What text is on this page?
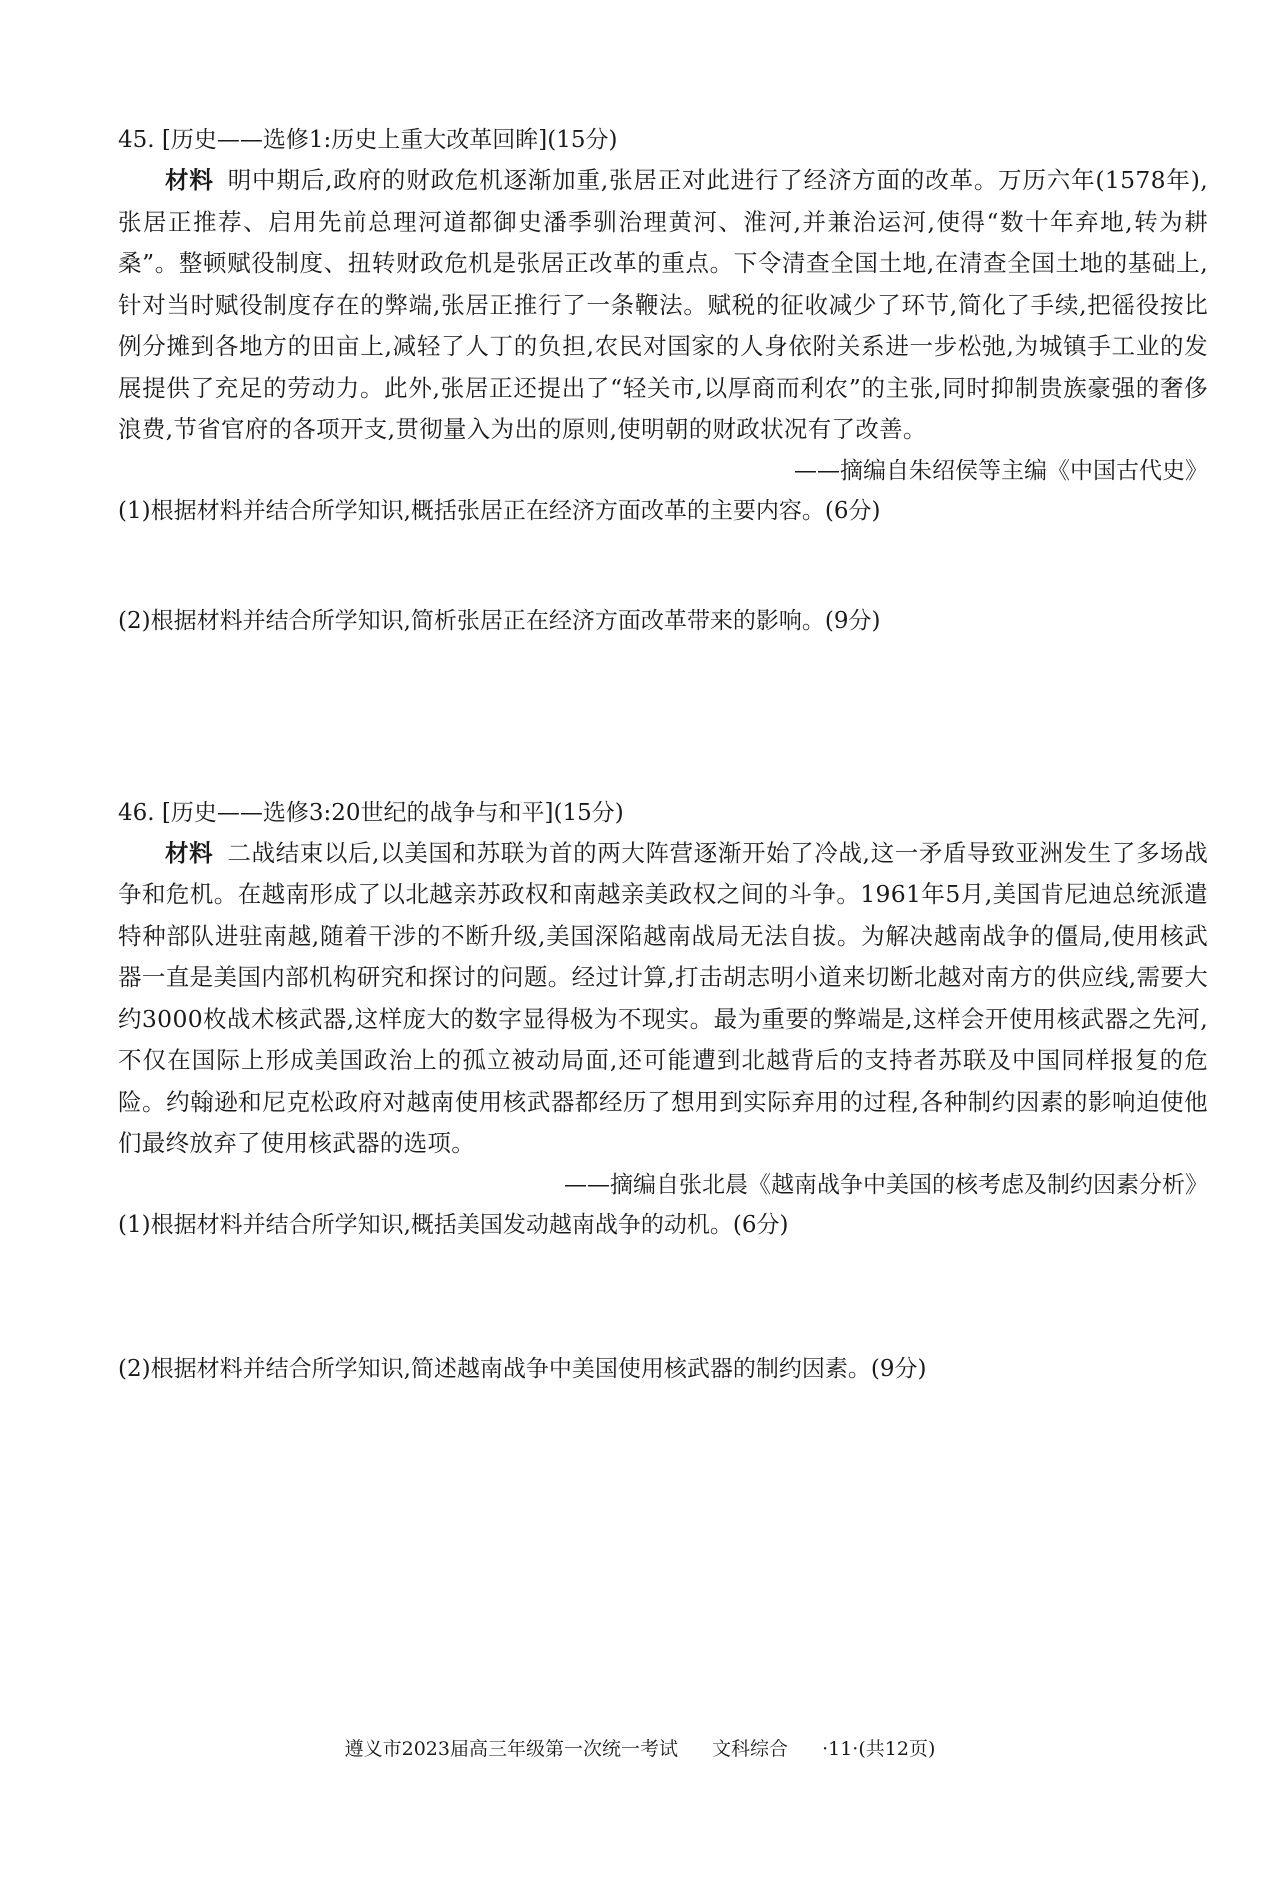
45. [历史——选修1:历史上重大改革回眸](15分)

材料 明中期后,政府的财政危机逐渐加重,张居正对此进行了经济方面的改革。万历六年(1578年),张居正推荐、启用先前总理河道都御史潘季驯治理黄河、淮河,并兼治运河,使得“数十年弃地,转为耕桑”。整顿赋役制度、扭转财政危机是张居正改革的重点。下令清查全国土地,在清查全国土地的基础上,针对当时赋役制度存在的弊端,张居正推行了一条鞭法。赋税的征收减少了环节,简化了手续,把徭役按比例分摊到各地方的田亩上,减轻了人丁的负担,农民对国家的人身依附关系进一步松弛,为城镇手工业的发展提供了充足的劳动力。此外,张居正还提出了“轻关市,以厚商而利农”的主张,同时抑制贵族豪强的奢侈浪费,节省官府的各项开支,贯彻量入为出的原则,使明朝的财政状况有了改善。

——摘编自朱绍侯等主编《中国古代史》

(1)根据材料并结合所学知识,概括张居正在经济方面改革的主要内容。(6分)

(2)根据材料并结合所学知识,简析张居正在经济方面改革带来的影响。(9分)

46. [历史——选修3:20世纪的战争与和平](15分)

材料 二战结束以后,以美国和苏联为首的两大阵营逐渐开始了冷战,这一矛盾导致亚洲发生了多场战争和危机。在越南形成了以北越亲苏政权和南越亲美政权之间的斗争。1961年5月,美国肯尼迪总统派遣特种部队进驻南越,随着干涉的不断升级,美国深陷越南战局无法自拔。为解决越南战争的僵局,使用核武器一直是美国内部机构研究和探讨的问题。经过计算,打击胡志明小道来切断北越对南方的供应线,需要大约3000枚战术核武器,这样庞大的数字显得极为不现实。最为重要的弊端是,这样会开使用核武器之先河,不仅在国际上形成美国政治上的孤立被动局面,还可能遭到北越背后的支持者苏联及中国同样报复的危险。约翰逊和尼克松政府对越南使用核武器都经历了想用到实际弃用的过程,各种制约因素的影响迫使他们最终放弃了使用核武器的选项。

——摘编自张北晨《越南战争中美国的核考虑及制约因素分析》

(1)根据材料并结合所学知识,概括美国发动越南战争的动机。(6分)

(2)根据材料并结合所学知识,简述越南战争中美国使用核武器的制约因素。(9分)

遵义市2023届高三年级第一次统一考试 文科综合 ·11·(共12页)
